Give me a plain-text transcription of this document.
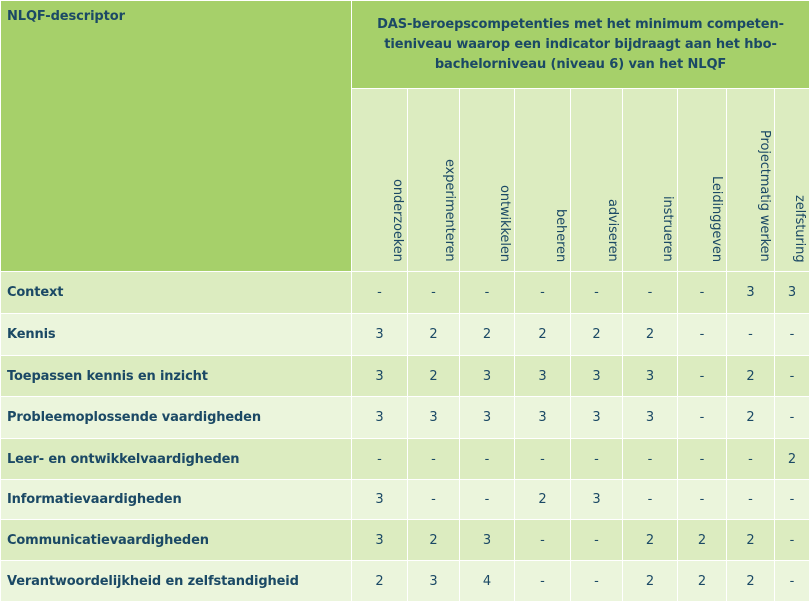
NLQF-descriptor	DAS-beroepscompetenties met het minimum competen-
tieniveau waarop een indicator bijdraagt aan het hbo-
bachelorniveau (niveau 6) van het NLQF								

	onderzoeken	experimenteren	ontwikkelen	beheren	adviseren	instrueren	Leidinggeven	Projectmatig werken	zelfsturing
Context	-	-	-	-	-	-	-	3	3
Kennis	3	2	2	2	2	2	-	-	-
Toepassen kennis en inzicht	3	2	3	3	3	3	-	2	-
Probleemoplossende vaardigheden	3	3	3	3	3	3	-	2	-
Leer- en ontwikkelvaardigheden	-	-	-	-	-	-	-	-	2
Informatievaardigheden	3	-	-	2	3	-	-	-	-
Communicatievaardigheden	3	2	3	-	-	2	2	2	-
Verantwoordelijkheid en zelfstandigheid	2	3	4	-	-	2	2	2	-
